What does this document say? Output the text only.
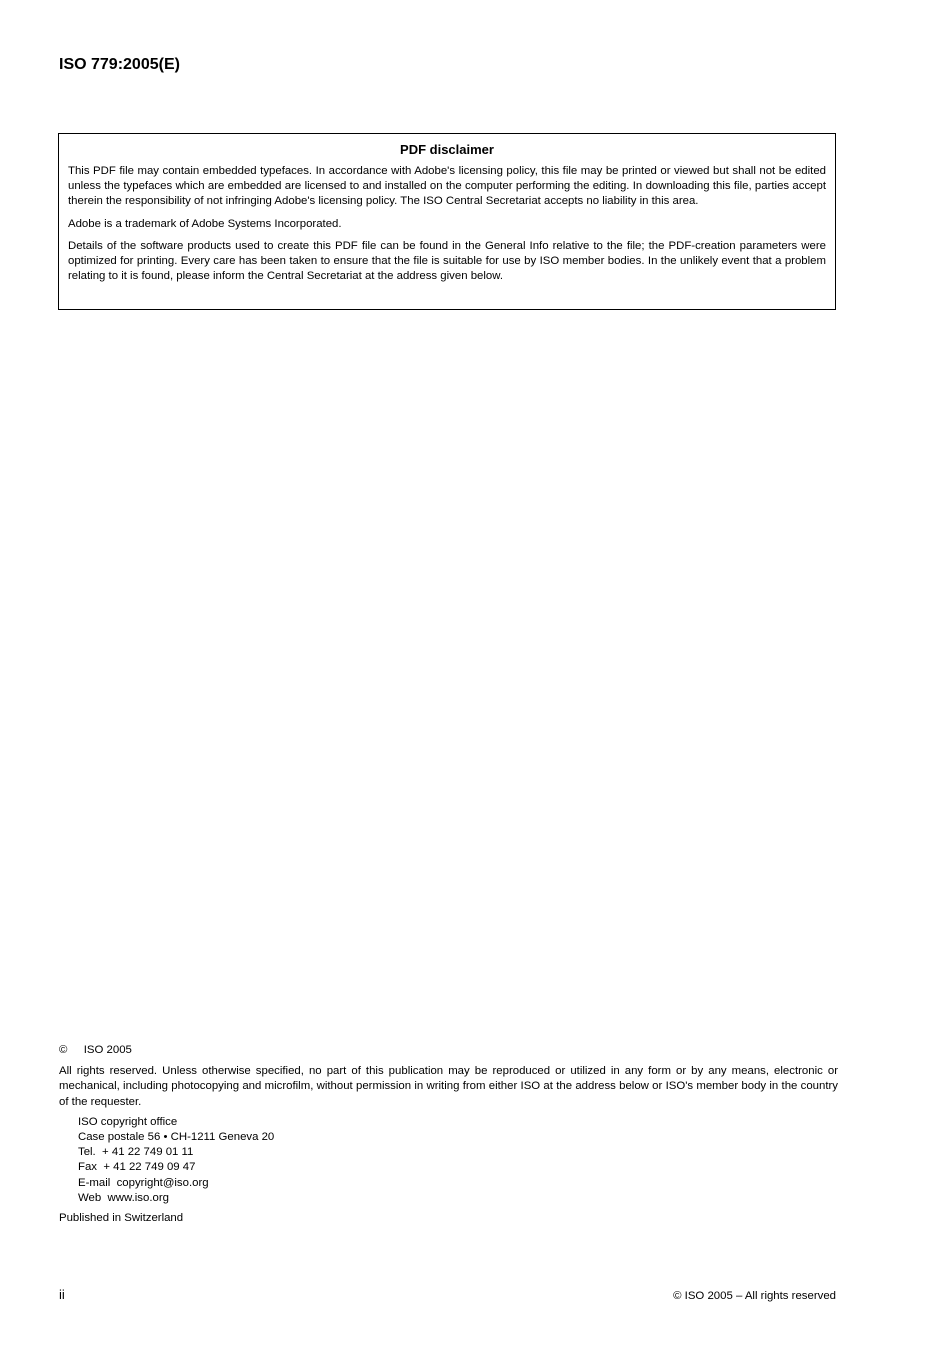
ISO 779:2005(E)
PDF disclaimer

This PDF file may contain embedded typefaces. In accordance with Adobe's licensing policy, this file may be printed or viewed but shall not be edited unless the typefaces which are embedded are licensed to and installed on the computer performing the editing. In downloading this file, parties accept therein the responsibility of not infringing Adobe's licensing policy. The ISO Central Secretariat accepts no liability in this area.

Adobe is a trademark of Adobe Systems Incorporated.

Details of the software products used to create this PDF file can be found in the General Info relative to the file; the PDF-creation parameters were optimized for printing. Every care has been taken to ensure that the file is suitable for use by ISO member bodies. In the unlikely event that a problem relating to it is found, please inform the Central Secretariat at the address given below.

© ISO 2005
All rights reserved. Unless otherwise specified, no part of this publication may be reproduced or utilized in any form or by any means, electronic or mechanical, including photocopying and microfilm, without permission in writing from either ISO at the address below or ISO's member body in the country of the requester.
ISO copyright office
Case postale 56 • CH-1211 Geneva 20
Tel.  + 41 22 749 01 11
Fax  + 41 22 749 09 47
E-mail  copyright@iso.org
Web  www.iso.org
Published in Switzerland
ii	© ISO 2005 – All rights reserved
